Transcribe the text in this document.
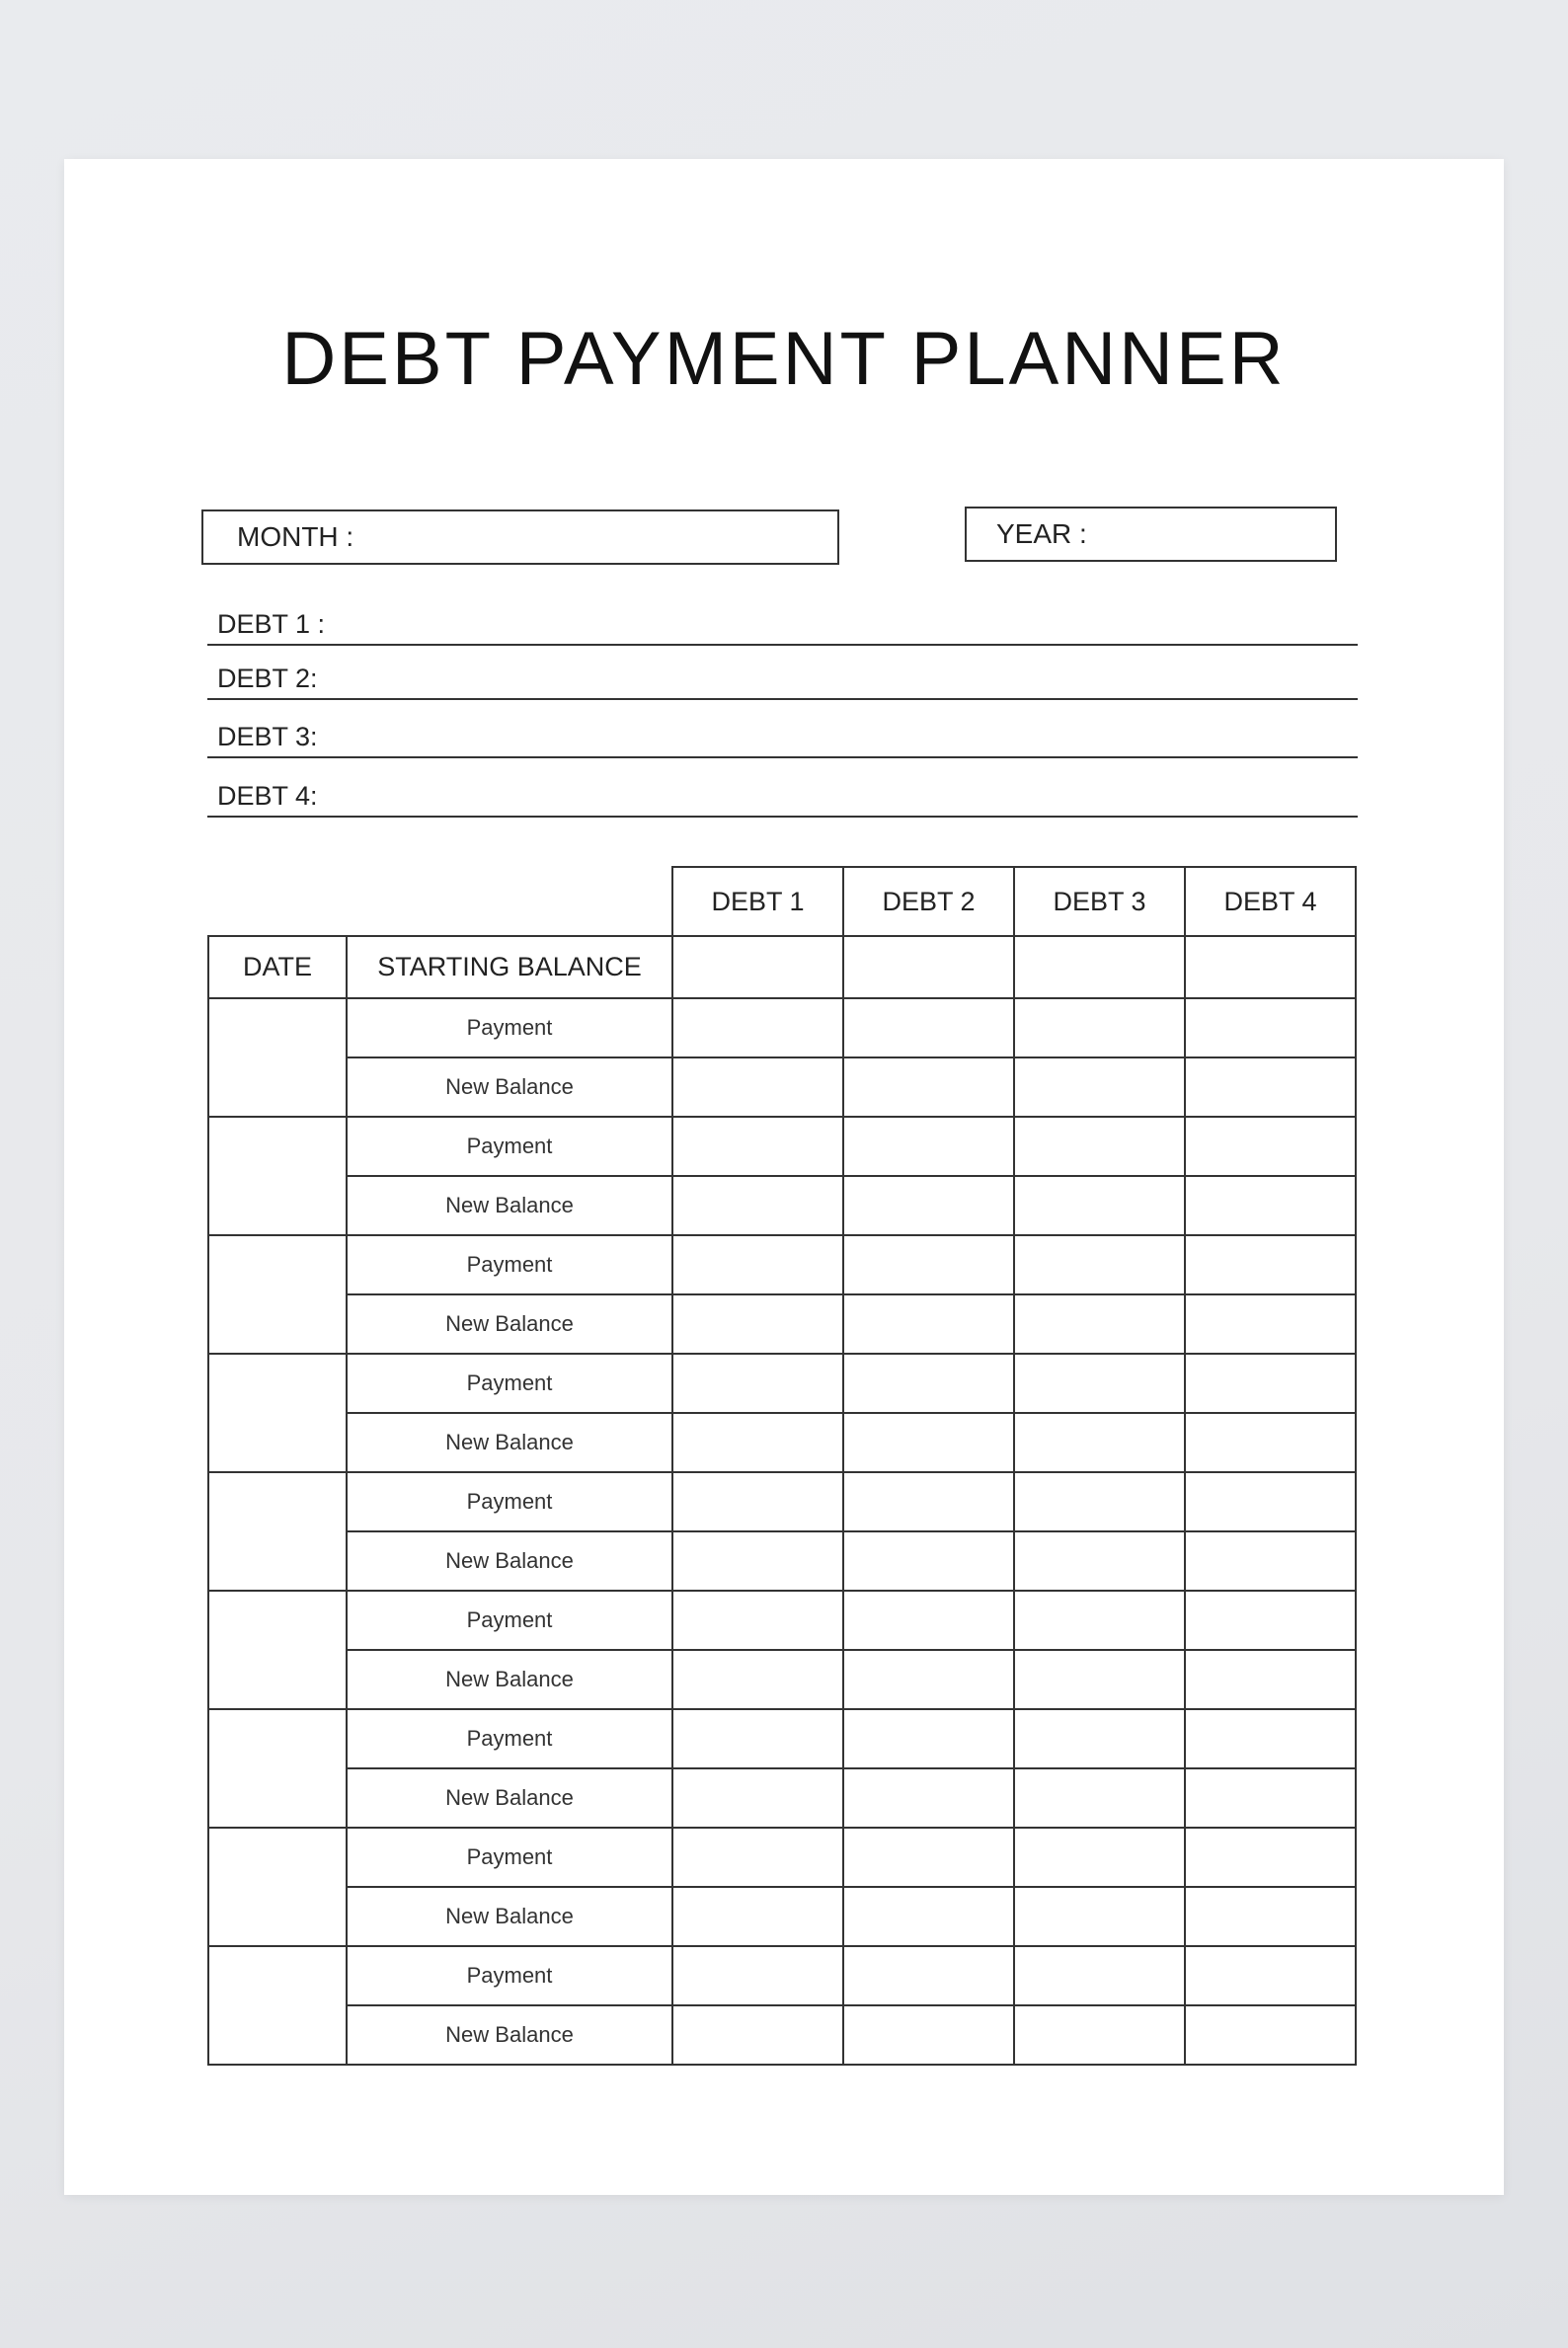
DEBT PAYMENT PLANNER
MONTH :	YEAR :
DEBT 1 :
DEBT 2:
DEBT 3:
DEBT 4:
		DEBT 1	DEBT 2	DEBT 3	DEBT 4
DATE	STARTING BALANCE				
	Payment				
	New Balance				
	Payment				
	New Balance				
	Payment				
	New Balance				
	Payment				
	New Balance				
	Payment				
	New Balance				
	Payment				
	New Balance				
	Payment				
	New Balance				
	Payment				
	New Balance				
	Payment				
	New Balance				
